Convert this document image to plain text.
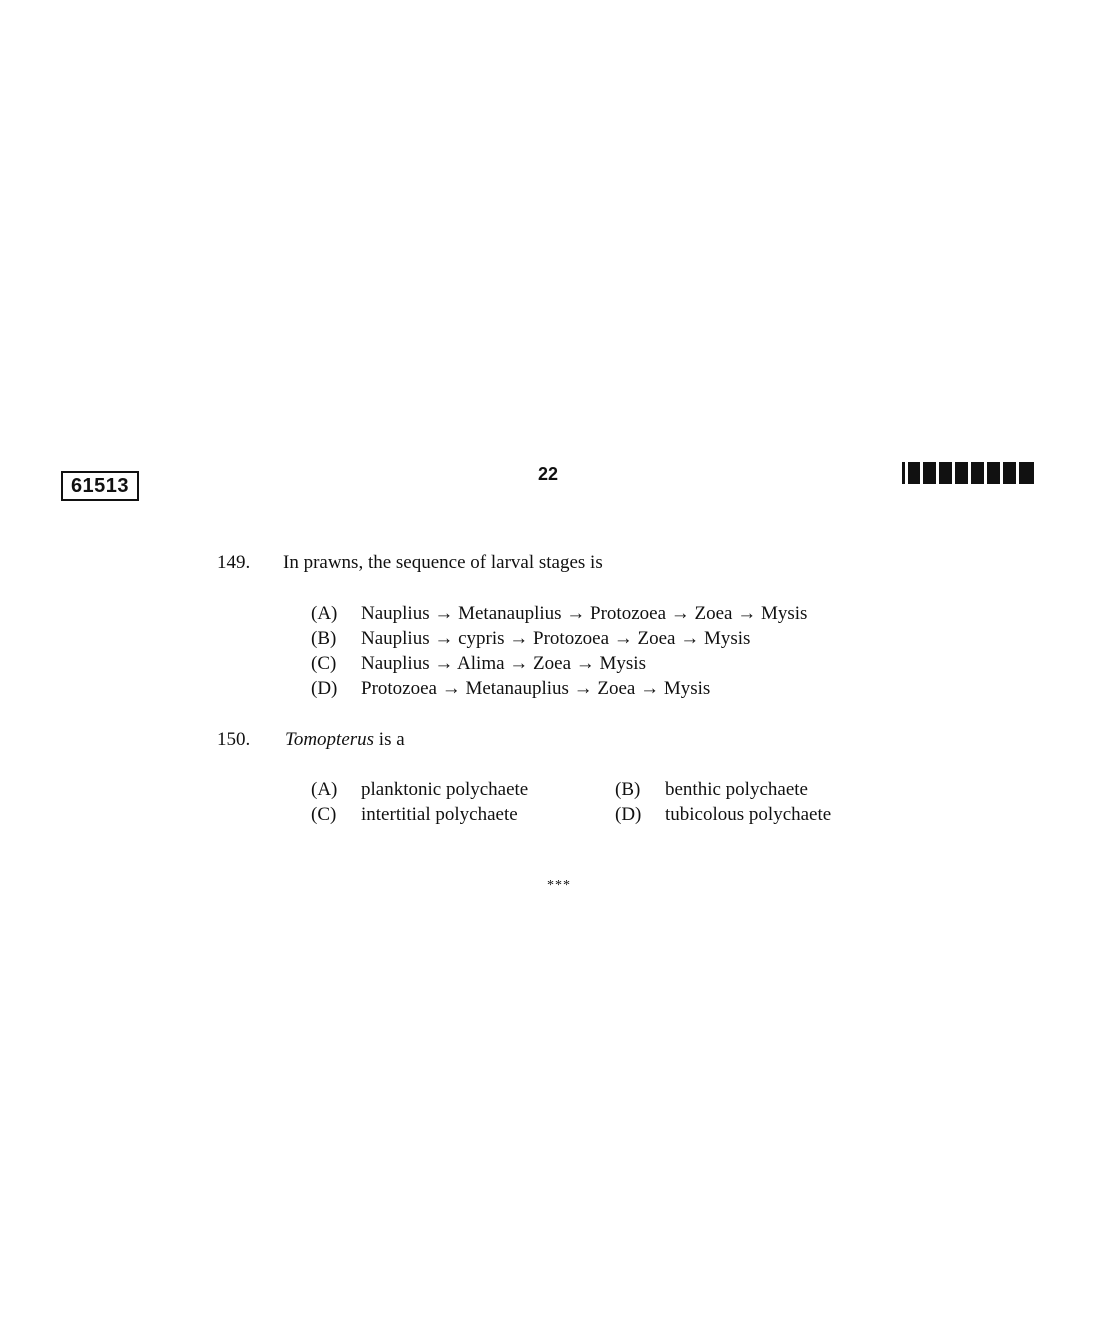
61513
22
149. In prawns, the sequence of larval stages is
(A) Nauplius → Metanauplius → Protozoea → Zoea → Mysis
(B) Nauplius → cypris → Protozoea → Zoea → Mysis
(C) Nauplius → Alima → Zoea → Mysis
(D) Protozoea → Metanauplius → Zoea → Mysis
150. Tomopterus is a
(A) planktonic polychaete	(B) benthic polychaete
(C) intertitial polychaete	(D) tubicolous polychaete
***
